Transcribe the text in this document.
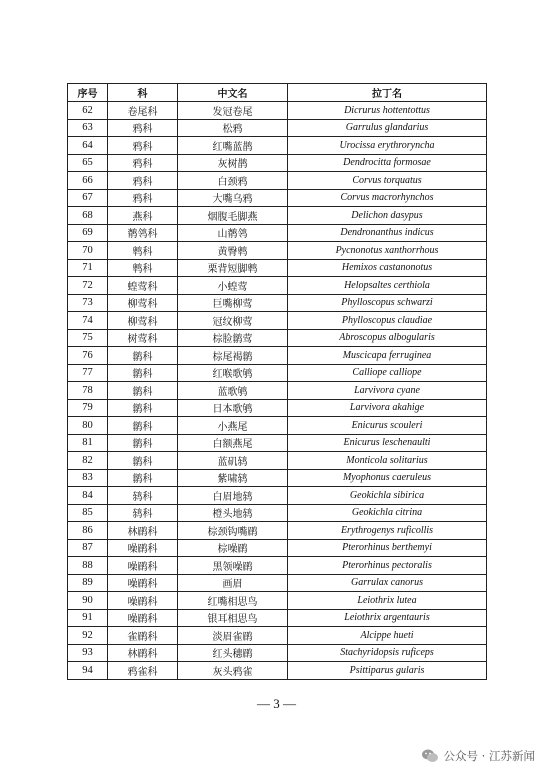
序号	科	中文名	拉丁名
62	卷尾科	发冠卷尾	Dicrurus hottentottus
63	鸦科	松鸦	Garrulus glandarius
64	鸦科	红嘴蓝鹊	Urocissa erythroryncha
65	鸦科	灰树鹊	Dendrocitta formosae
66	鸦科	白颈鸦	Corvus torquatus
67	鸦科	大嘴乌鸦	Corvus macrorhynchos
68	燕科	烟腹毛脚燕	Delichon dasypus
69	鹡鸰科	山鹡鸰	Dendronanthus indicus
70	鹎科	黄臀鹎	Pycnonotus xanthorrhous
71	鹎科	栗背短脚鹎	Hemixos castanonotus
72	蝗莺科	小蝗莺	Helopsaltes certhiola
73	柳莺科	巨嘴柳莺	Phylloscopus schwarzi
74	柳莺科	冠纹柳莺	Phylloscopus claudiae
75	树莺科	棕脸鹟莺	Abroscopus albogularis
76	鹟科	棕尾褐鹟	Muscicapa ferruginea
77	鹟科	红喉歌鸲	Calliope calliope
78	鹟科	蓝歌鸲	Larvivora cyane
79	鹟科	日本歌鸲	Larvivora akahige
80	鹟科	小燕尾	Enicurus scouleri
81	鹟科	白额燕尾	Enicurus leschenaulti
82	鹟科	蓝矶鸫	Monticola solitarius
83	鹟科	紫啸鸫	Myophonus caeruleus
84	鸫科	白眉地鸫	Geokichla sibirica
85	鸫科	橙头地鸫	Geokichla citrina
86	林鹛科	棕颈钩嘴鹛	Erythrogenys ruficollis
87	噪鹛科	棕噪鹛	Pterorhinus berthemyi
88	噪鹛科	黑领噪鹛	Pterorhinus pectoralis
89	噪鹛科	画眉	Garrulax canorus
90	噪鹛科	红嘴相思鸟	Leiothrix lutea
91	噪鹛科	银耳相思鸟	Leiothrix argentauris
92	雀鹛科	淡眉雀鹛	Alcippe hueti
93	林鹛科	红头穗鹛	Stachyridopsis ruficeps
94	鸦雀科	灰头鸦雀	Psittiparus gularis
— 3 —
公众号 · 江苏新闻
